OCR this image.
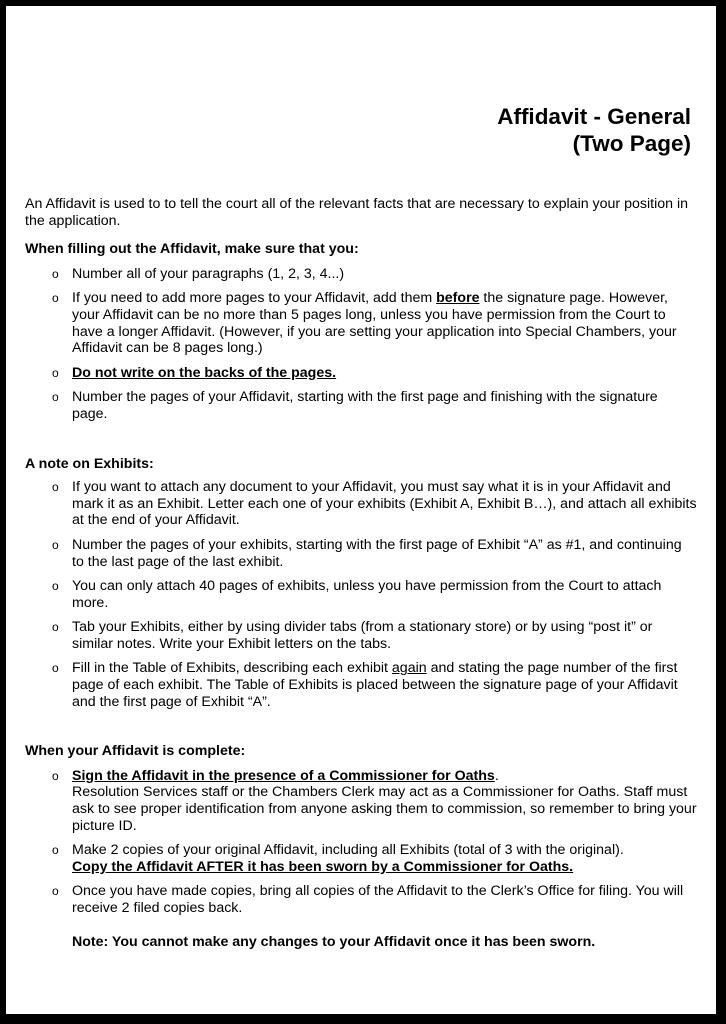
Affidavit - General
(Two Page)

An Affidavit is used to to tell the court all of the relevant facts that are necessary to explain your position in the application.

When filling out the Affidavit, make sure that you:

o Number all of your paragraphs (1, 2, 3, 4...)
o If you need to add more pages to your Affidavit, add them before the signature page. However, your Affidavit can be no more than 5 pages long, unless you have permission from the Court to have a longer Affidavit. (However, if you are setting your application into Special Chambers, your Affidavit can be 8 pages long.)
o Do not write on the backs of the pages.
o Number the pages of your Affidavit, starting with the first page and finishing with the signature page.

A note on Exhibits:

o If you want to attach any document to your Affidavit, you must say what it is in your Affidavit and mark it as an Exhibit. Letter each one of your exhibits (Exhibit A, Exhibit B…), and attach all exhibits at the end of your Affidavit.
o Number the pages of your exhibits, starting with the first page of Exhibit “A” as #1, and continuing to the last page of the last exhibit.
o You can only attach 40 pages of exhibits, unless you have permission from the Court to attach more.
o Tab your Exhibits, either by using divider tabs (from a stationary store) or by using “post it” or similar notes. Write your Exhibit letters on the tabs.
o Fill in the Table of Exhibits, describing each exhibit again and stating the page number of the first page of each exhibit. The Table of Exhibits is placed between the signature page of your Affidavit and the first page of Exhibit “A”.

When your Affidavit is complete:

o Sign the Affidavit in the presence of a Commissioner for Oaths.
Resolution Services staff or the Chambers Clerk may act as a Commissioner for Oaths. Staff must ask to see proper identification from anyone asking them to commission, so remember to bring your picture ID.
o Make 2 copies of your original Affidavit, including all Exhibits (total of 3 with the original).
Copy the Affidavit AFTER it has been sworn by a Commissioner for Oaths.
o Once you have made copies, bring all copies of the Affidavit to the Clerk’s Office for filing. You will receive 2 filed copies back.

Note: You cannot make any changes to your Affidavit once it has been sworn.
